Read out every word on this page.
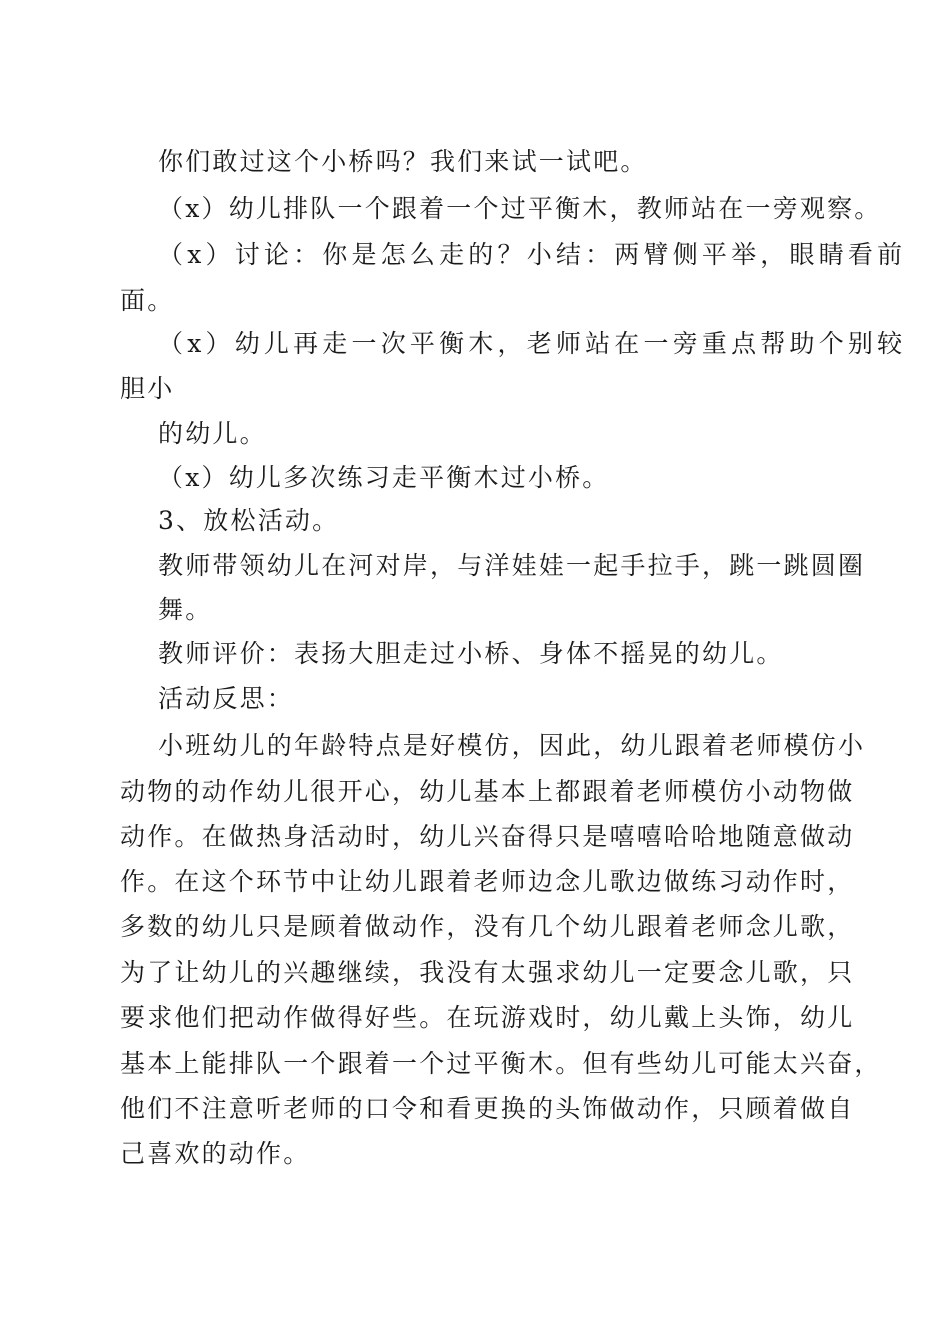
你们敢过这个小桥吗？我们来试一试吧。
（x）幼儿排队一个跟着一个过平衡木，教师站在一旁观察。
（x）讨论：你是怎么走的？小结：两臂侧平举，眼睛看前
面。
（x）幼儿再走一次平衡木，老师站在一旁重点帮助个别较
胆小
的幼儿。
（x）幼儿多次练习走平衡木过小桥。
3、放松活动。
教师带领幼儿在河对岸，与洋娃娃一起手拉手，跳一跳圆圈
舞。
教师评价：表扬大胆走过小桥、身体不摇晃的幼儿。
活动反思：
小班幼儿的年龄特点是好模仿，因此，幼儿跟着老师模仿小
动物的动作幼儿很开心，幼儿基本上都跟着老师模仿小动物做
动作。在做热身活动时，幼儿兴奋得只是嘻嘻哈哈地随意做动
作。在这个环节中让幼儿跟着老师边念儿歌边做练习动作时，
多数的幼儿只是顾着做动作，没有几个幼儿跟着老师念儿歌，
为了让幼儿的兴趣继续，我没有太强求幼儿一定要念儿歌，只
要求他们把动作做得好些。在玩游戏时，幼儿戴上头饰，幼儿
基本上能排队一个跟着一个过平衡木。但有些幼儿可能太兴奋，
他们不注意听老师的口令和看更换的头饰做动作，只顾着做自
己喜欢的动作。
